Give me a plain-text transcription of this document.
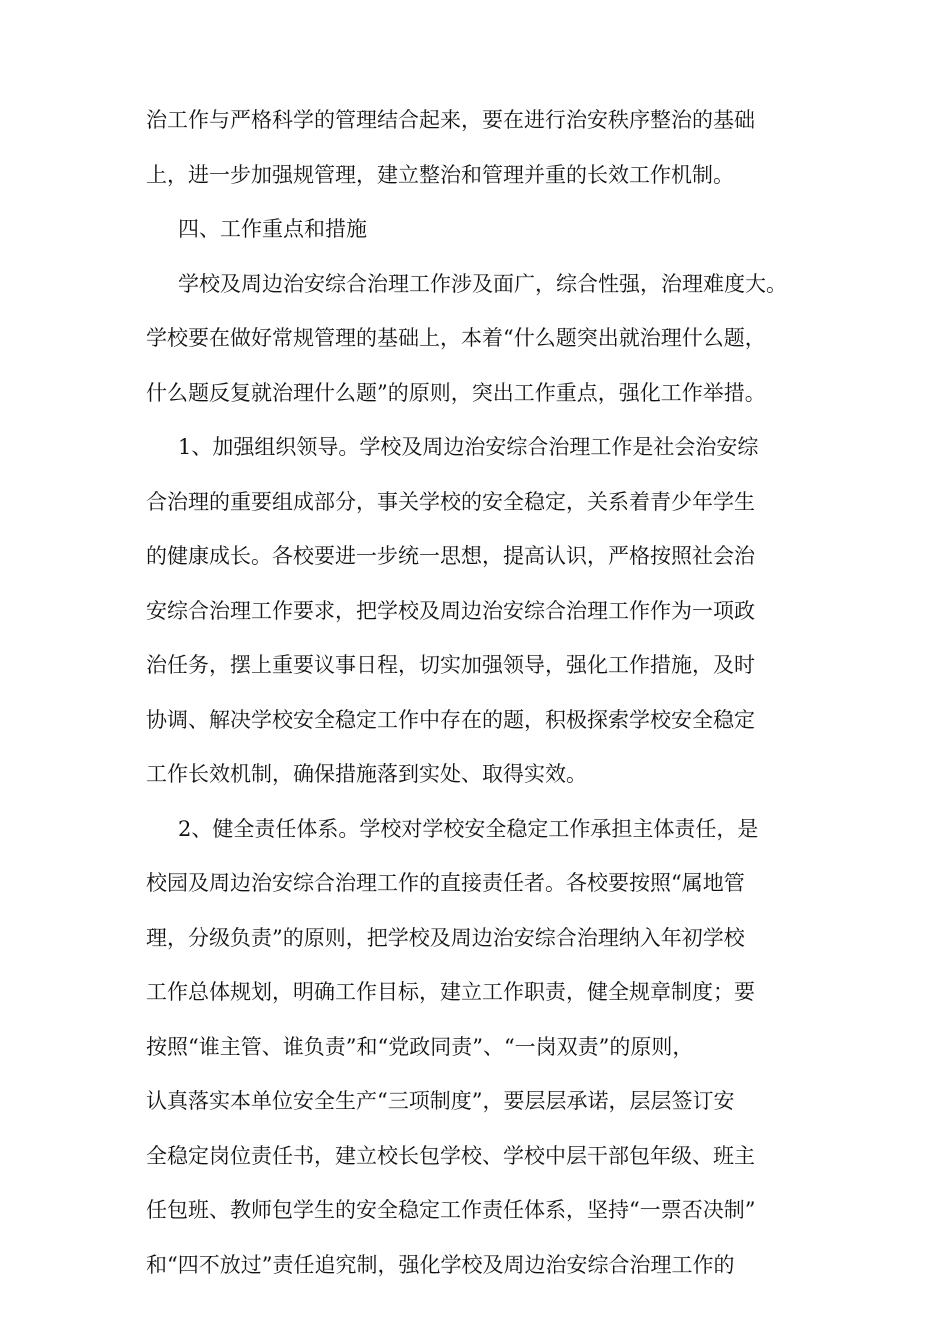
治工作与严格科学的管理结合起来，要在进行治安秩序整治的基础
上，进一步加强规管理，建立整治和管理并重的长效工作机制。
四、工作重点和措施
学校及周边治安综合治理工作涉及面广，综合性强，治理难度大。
学校要在做好常规管理的基础上，本着“什么题突出就治理什么题，
什么题反复就治理什么题”的原则，突出工作重点，强化工作举措。
1、加强组织领导。学校及周边治安综合治理工作是社会治安综
合治理的重要组成部分，事关学校的安全稳定，关系着青少年学生
的健康成长。各校要进一步统一思想，提高认识，严格按照社会治
安综合治理工作要求，把学校及周边治安综合治理工作作为一项政
治任务，摆上重要议事日程，切实加强领导，强化工作措施，及时
协调、解决学校安全稳定工作中存在的题，积极探索学校安全稳定
工作长效机制，确保措施落到实处、取得实效。
2、健全责任体系。学校对学校安全稳定工作承担主体责任，是
校园及周边治安综合治理工作的直接责任者。各校要按照“属地管
理，分级负责”的原则，把学校及周边治安综合治理纳入年初学校
工作总体规划，明确工作目标，建立工作职责，健全规章制度；要
按照“谁主管、谁负责”和“党政同责”、“一岗双责”的原则，
认真落实本单位安全生产“三项制度”，要层层承诺，层层签订安
全稳定岗位责任书，建立校长包学校、学校中层干部包年级、班主
任包班、教师包学生的安全稳定工作责任体系，坚持“一票否决制”
和“四不放过”责任追究制，强化学校及周边治安综合治理工作的
